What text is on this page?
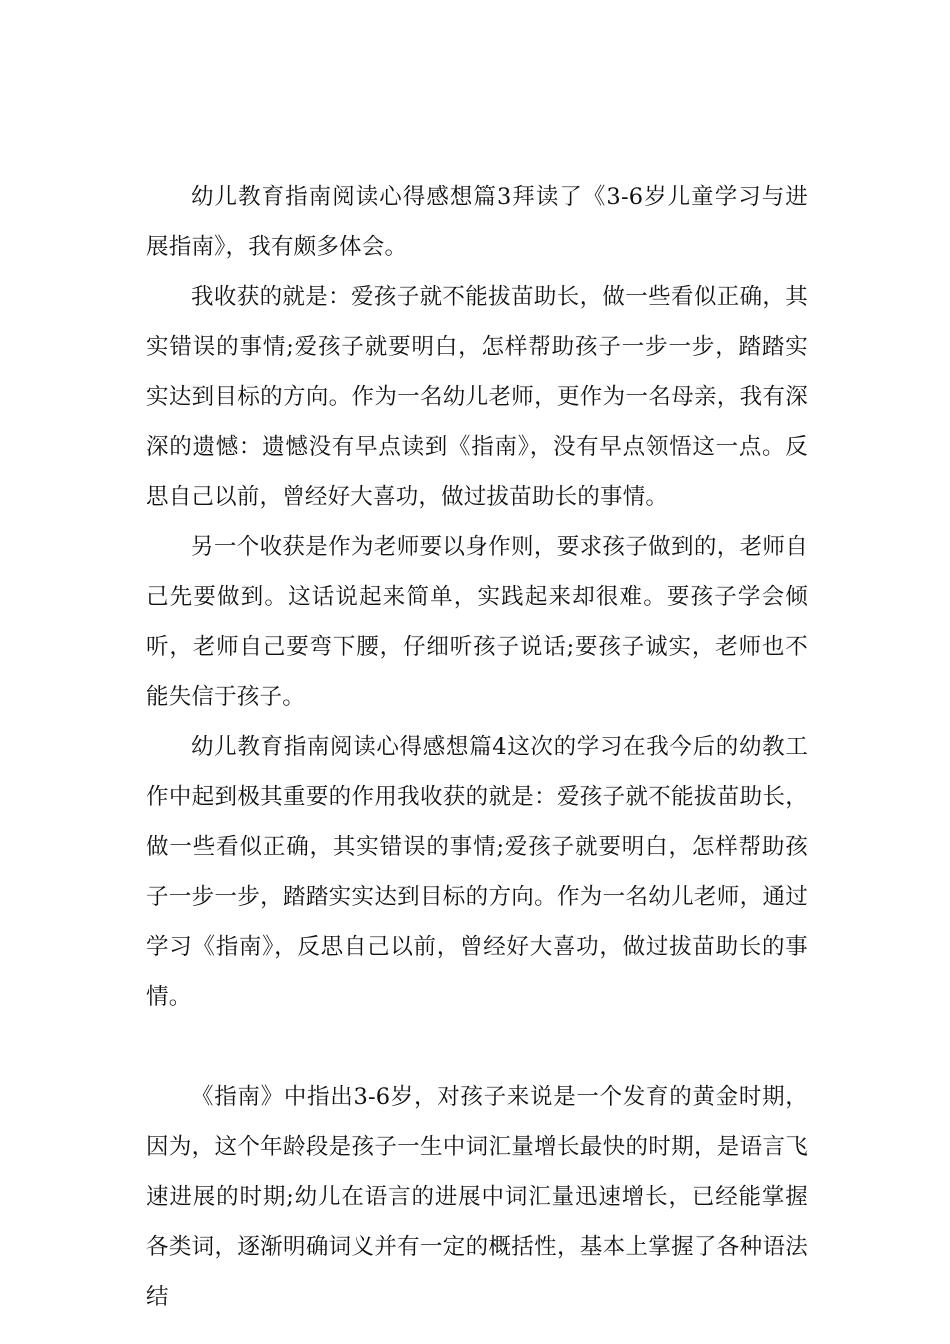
幼儿教育指南阅读心得感想篇3拜读了《3-6岁儿童学习与进展指南》，我有颇多体会。

我收获的就是：爱孩子就不能拔苗助长，做一些看似正确，其实错误的事情;爱孩子就要明白，怎样帮助孩子一步一步，踏踏实实达到目标的方向。作为一名幼儿老师，更作为一名母亲，我有深深的遗憾：遗憾没有早点读到《指南》，没有早点领悟这一点。反思自己以前，曾经好大喜功，做过拔苗助长的事情。

另一个收获是作为老师要以身作则，要求孩子做到的，老师自己先要做到。这话说起来简单，实践起来却很难。要孩子学会倾听，老师自己要弯下腰，仔细听孩子说话;要孩子诚实，老师也不能失信于孩子。

幼儿教育指南阅读心得感想篇4这次的学习在我今后的幼教工作中起到极其重要的作用我收获的就是：爱孩子就不能拔苗助长，做一些看似正确，其实错误的事情;爱孩子就要明白，怎样帮助孩子一步一步，踏踏实实达到目标的方向。作为一名幼儿老师，通过学习《指南》，反思自己以前，曾经好大喜功，做过拔苗助长的事情。

《指南》中指出3-6岁，对孩子来说是一个发育的黄金时期，因为，这个年龄段是孩子一生中词汇量增长最快的时期，是语言飞速进展的时期;幼儿在语言的进展中词汇量迅速增长，已经能掌握各类词，逐渐明确词义并有一定的概括性，基本上掌握了各种语法结
